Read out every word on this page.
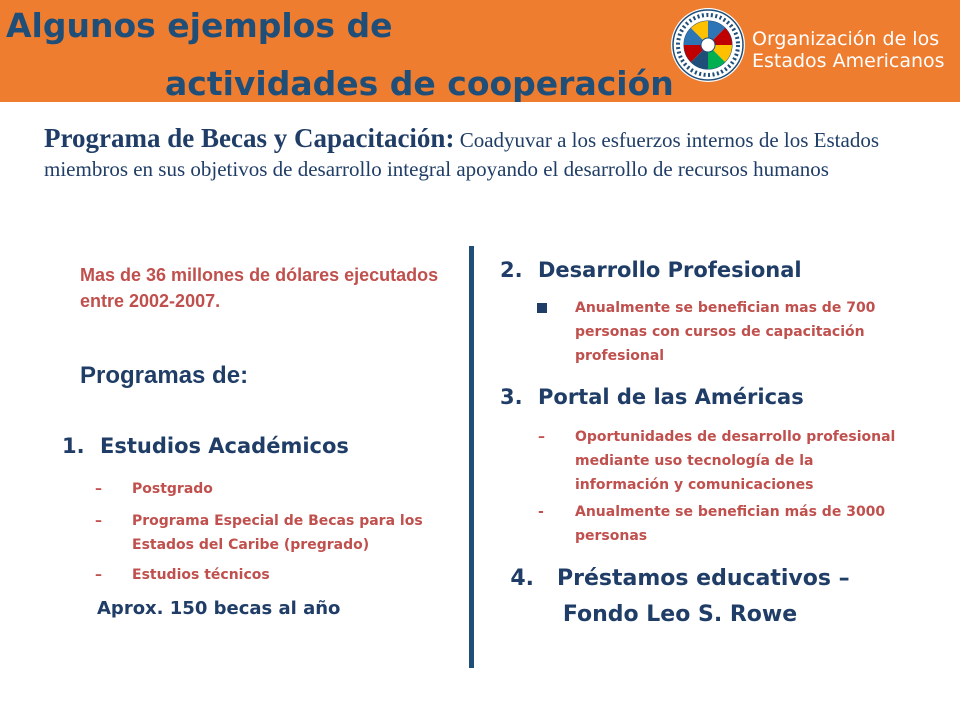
Algunos ejemplos de
actividades de cooperación
Organización de los
Estados Americanos
Programa de Becas y Capacitación: Coadyuvar a los esfuerzos internos de los Estados miembros en sus objetivos de desarrollo integral apoyando el desarrollo de recursos humanos
Mas de 36 millones de dólares ejecutados entre 2002-2007.
Programas de:
1. Estudios Académicos
– Postgrado
– Programa Especial de Becas para los Estados del Caribe (pregrado)
– Estudios técnicos
Aprox. 150 becas al año
2. Desarrollo Profesional
Anualmente se benefician mas de 700 personas con cursos de capacitación profesional
3. Portal de las Américas
– Oportunidades de desarrollo profesional mediante uso tecnología de la información y comunicaciones
- Anualmente se benefician más de 3000 personas
4. Préstamos educativos –
Fondo Leo S. Rowe
